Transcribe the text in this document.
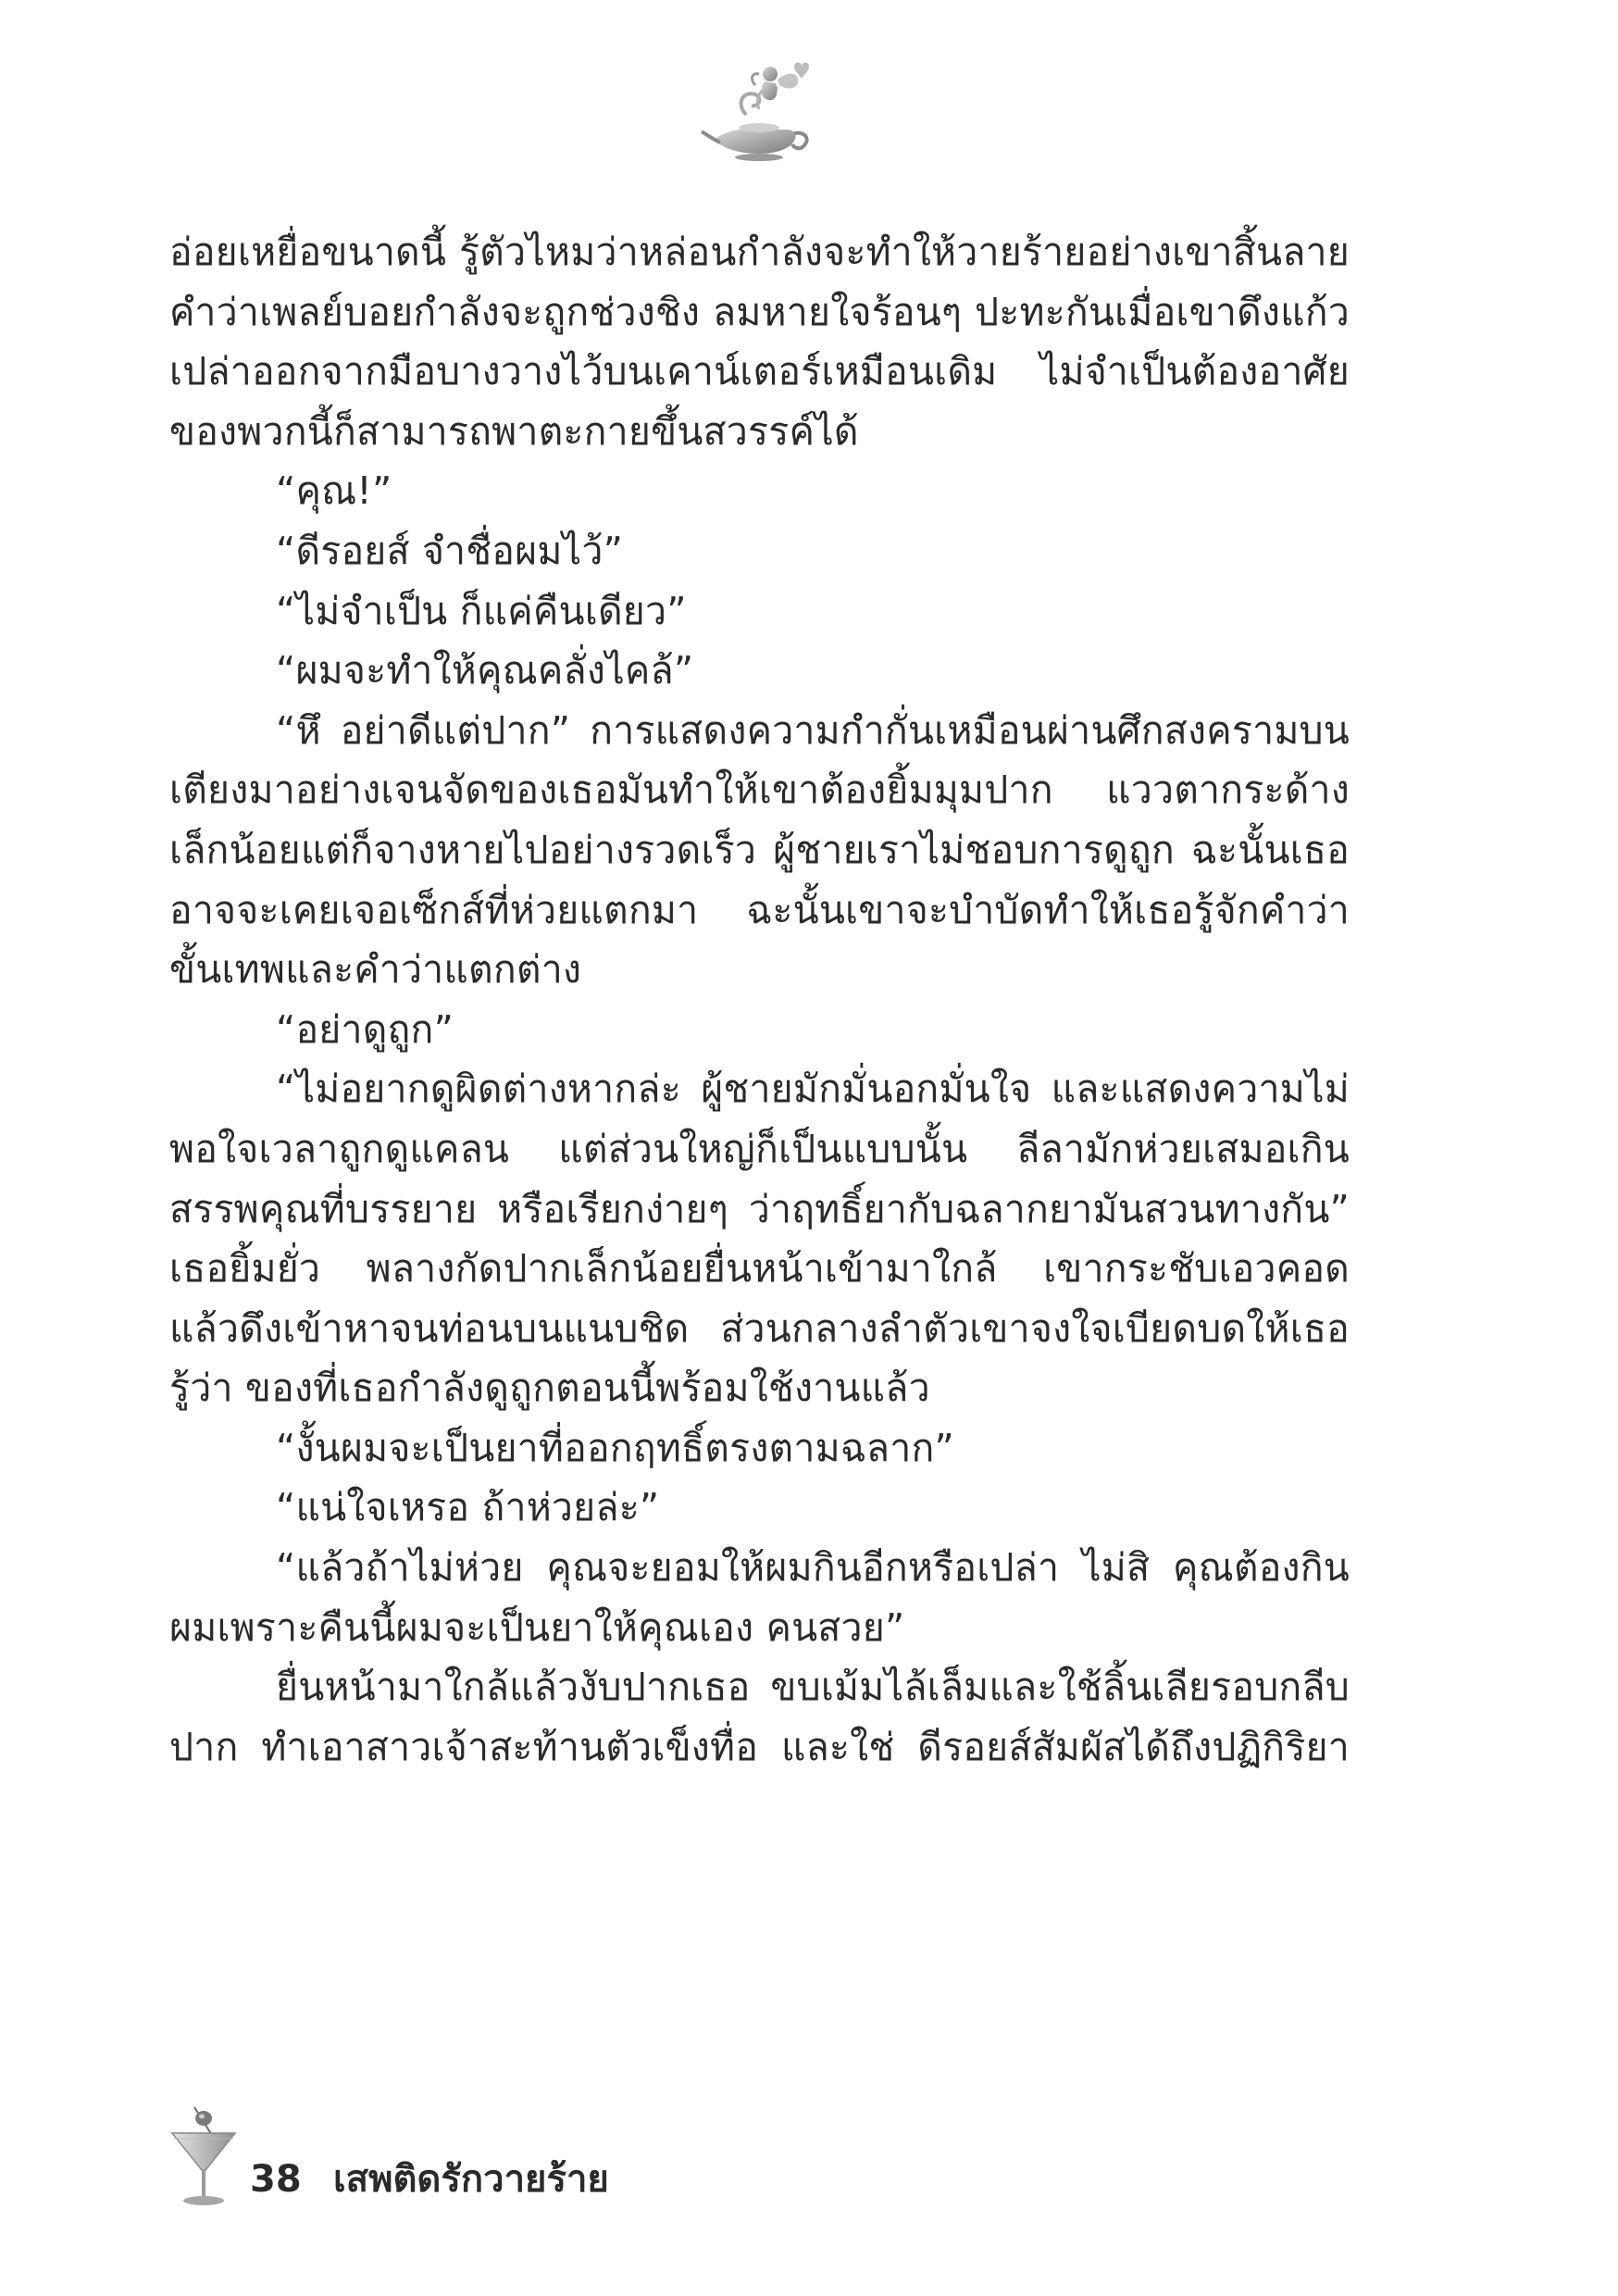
อ่อยเหยื่อขนาดนี้ รู้ตัวไหมว่าหล่อนกำลังจะทำให้วายร้ายอย่างเขาสิ้นลาย คำว่าเพลย์บอยกำลังจะถูกช่วงชิง ลมหายใจร้อนๆ ปะทะกันเมื่อเขาดึงแก้วเปล่าออกจากมือบางวางไว้บนเคาน์เตอร์เหมือนเดิม ไม่จำเป็นต้องอาศัยของพวกนี้ก็สามารถพาตะกายขึ้นสวรรค์ได้

“คุณ!”

“ดีรอยส์ จำชื่อผมไว้”

“ไม่จำเป็น ก็แค่คืนเดียว”

“ผมจะทำให้คุณคลั่งไคล้”

“หึ อย่าดีแต่ปาก” การแสดงความกำกั่นเหมือนผ่านศึกสงครามบนเตียงมาอย่างเจนจัดของเธอมันทำให้เขาต้องยิ้มมุมปาก แววตากระด้างเล็กน้อยแต่ก็จางหายไปอย่างรวดเร็ว ผู้ชายเราไม่ชอบการดูถูก ฉะนั้นเธออาจจะเคยเจอเซ็กส์ที่ห่วยแตกมา ฉะนั้นเขาจะบำบัดทำให้เธอรู้จักคำว่าขั้นเทพและคำว่าแตกต่าง

“อย่าดูถูก”

“ไม่อยากดูผิดต่างหากล่ะ ผู้ชายมักมั่นอกมั่นใจ และแสดงความไม่พอใจเวลาถูกดูแคลน แต่ส่วนใหญ่ก็เป็นแบบนั้น ลีลามักห่วยเสมอเกินสรรพคุณที่บรรยาย หรือเรียกง่ายๆ ว่าฤทธิ์ยากับฉลากยามันสวนทางกัน” เธอยิ้มยั่ว พลางกัดปากเล็กน้อยยื่นหน้าเข้ามาใกล้ เขากระชับเอวคอดแล้วดึงเข้าหาจนท่อนบนแนบชิด ส่วนกลางลำตัวเขาจงใจเบียดบดให้เธอรู้ว่า ของที่เธอกำลังดูถูกตอนนี้พร้อมใช้งานแล้ว

“งั้นผมจะเป็นยาที่ออกฤทธิ์ตรงตามฉลาก”

“แน่ใจเหรอ ถ้าห่วยล่ะ”

“แล้วถ้าไม่ห่วย คุณจะยอมให้ผมกินอีกหรือเปล่า ไม่สิ คุณต้องกินผมเพราะคืนนี้ผมจะเป็นยาให้คุณเอง คนสวย”

ยื่นหน้ามาใกล้แล้วงับปากเธอ ขบเม้มไล้เล็มและใช้ลิ้นเลียรอบกลีบปาก ทำเอาสาวเจ้าสะท้านตัวเข็งทื่อ และใช่ ดีรอยส์สัมผัสได้ถึงปฏิกิริยา

38 เสพติดรักวายร้าย
